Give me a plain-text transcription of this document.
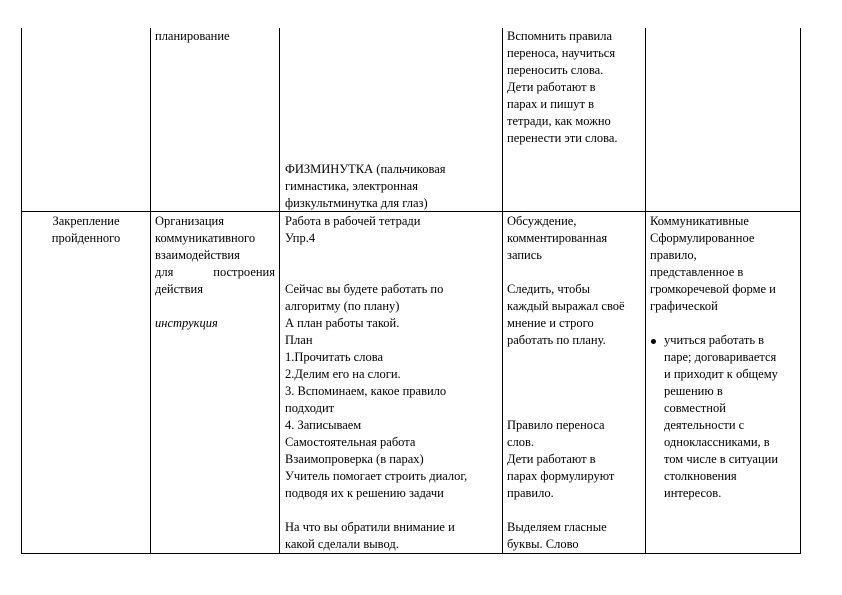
планирование
ФИЗМИНУТКА (пальчиковая
гимнастика, электронная
физкультминутка для глаз)
Вспомнить правила
переноса, научиться
переносить слова.
Дети работают в
парах и пишут в
тетради, как можно
перенести эти слова.
Закрепление
пройденного
Организация
коммуникативного
взаимодействия
для	построения
действия
инструкция
Работа в рабочей тетради
Упр.4
Сейчас вы будете работать по
алгоритму (по плану)
А план работы такой.
План
1.Прочитать слова
2.Делим его на слоги.
3. Вспоминаем, какое правило
подходит
4. Записываем
Самостоятельная работа
Взаимопроверка (в парах)
Учитель помогает строить диалог,
подводя их к решению задачи
На что вы обратили внимание и
какой сделали вывод.
Обсуждение,
комментированная
запись
Следить, чтобы
каждый выражал своё
мнение и строго
работать по плану.
Правило переноса
слов.
Дети работают в
парах формулируют
правило.
Выделяем гласные
буквы. Слово
Коммуникативные
Сформулированное
правило,
представленное в
громкоречевой форме и
графической
учиться работать в
паре; договаривается
и приходит к общему
решению в
совместной
деятельности с
одноклассниками, в
том числе в ситуации
столкновения
интересов.
